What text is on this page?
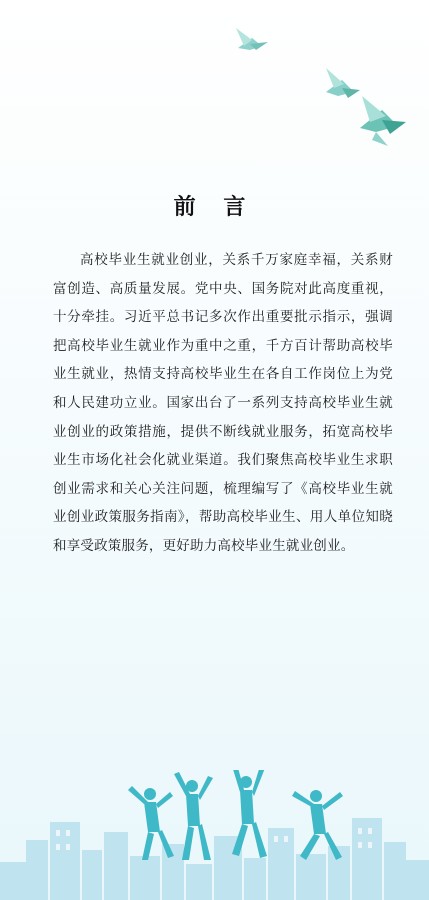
前 言

高校毕业生就业创业，关系千万家庭幸福，关系财富创造、高质量发展。党中央、国务院对此高度重视，十分牵挂。习近平总书记多次作出重要批示指示，强调把高校毕业生就业作为重中之重，千方百计帮助高校毕业生就业，热情支持高校毕业生在各自工作岗位上为党和人民建功立业。国家出台了一系列支持高校毕业生就业创业的政策措施，提供不断线就业服务，拓宽高校毕业生市场化社会化就业渠道。我们聚焦高校毕业生求职创业需求和关心关注问题，梳理编写了《高校毕业生就业创业政策服务指南》，帮助高校毕业生、用人单位知晓和享受政策服务，更好助力高校毕业生就业创业。
